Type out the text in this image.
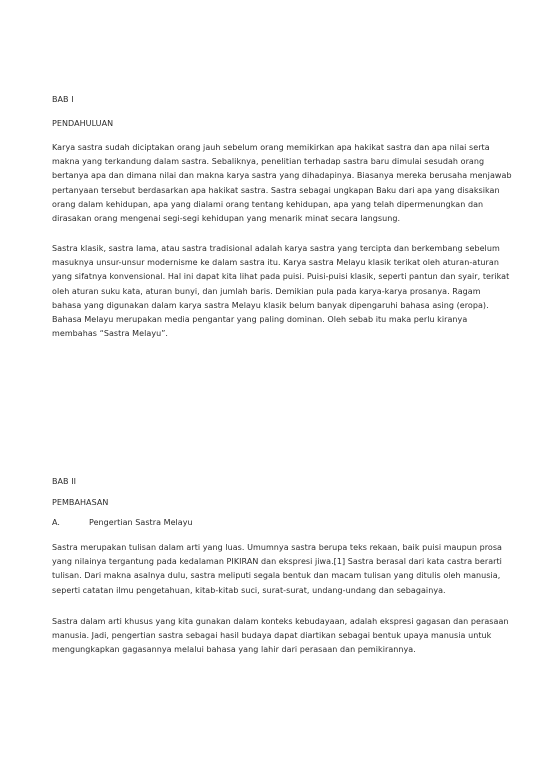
BAB I

PENDAHULUAN

Karya sastra sudah diciptakan orang jauh sebelum orang memikirkan apa hakikat sastra dan apa nilai serta makna yang terkandung dalam sastra. Sebaliknya, penelitian terhadap sastra baru dimulai sesudah orang bertanya apa dan dimana nilai dan makna karya sastra yang dihadapinya. Biasanya mereka berusaha menjawab pertanyaan tersebut berdasarkan apa hakikat sastra. Sastra sebagai ungkapan Baku dari apa yang disaksikan orang dalam kehidupan, apa yang dialami orang tentang kehidupan, apa yang telah dipermenungkan dan dirasakan orang mengenai segi-segi kehidupan yang menarik minat secara langsung.

Sastra klasik, sastra lama, atau sastra tradisional adalah karya sastra yang tercipta dan berkembang sebelum masuknya unsur-unsur modernisme ke dalam sastra itu. Karya sastra Melayu klasik terikat oleh aturan-aturan yang sifatnya konvensional. Hal ini dapat kita lihat pada puisi. Puisi-puisi klasik, seperti pantun dan syair, terikat oleh aturan suku kata, aturan bunyi, dan jumlah baris. Demikian pula pada karya-karya prosanya. Ragam bahasa yang digunakan dalam karya sastra Melayu klasik belum banyak dipengaruhi bahasa asing (eropa). Bahasa Melayu merupakan media pengantar yang paling dominan. Oleh sebab itu maka perlu kiranya membahas “Sastra Melayu”.

BAB II

PEMBAHASAN

A.	Pengertian Sastra Melayu

Sastra merupakan tulisan dalam arti yang luas. Umumnya sastra berupa teks rekaan, baik puisi maupun prosa yang nilainya tergantung pada kedalaman PIKIRAN dan ekspresi jiwa.[1] Sastra berasal dari kata castra berarti tulisan. Dari makna asalnya dulu, sastra meliputi segala bentuk dan macam tulisan yang ditulis oleh manusia, seperti catatan ilmu pengetahuan, kitab-kitab suci, surat-surat, undang-undang dan sebagainya.

Sastra dalam arti khusus yang kita gunakan dalam konteks kebudayaan, adalah ekspresi gagasan dan perasaan manusia. Jadi, pengertian sastra sebagai hasil budaya dapat diartikan sebagai bentuk upaya manusia untuk mengungkapkan gagasannya melalui bahasa yang lahir dari perasaan dan pemikirannya.
